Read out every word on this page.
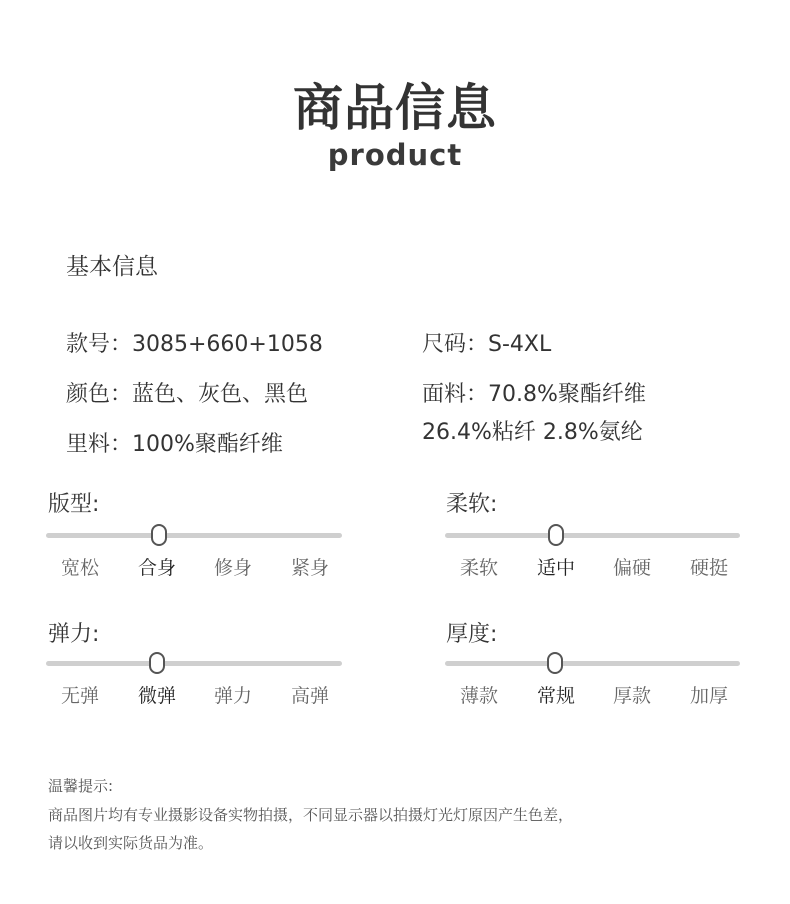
商品信息
product
基本信息
款号：3085+660+1058	尺码：S-4XL
颜色：蓝色、灰色、黑色	面料：70.8%聚酯纤维
26.4%粘纤 2.8%氨纶
里料：100%聚酯纤维
版型:
宽松	合身	修身	紧身
柔软:
柔软	适中	偏硬	硬挺
弹力:
无弹	微弹	弹力	高弹
厚度:
薄款	常规	厚款	加厚
温馨提示:
商品图片均有专业摄影设备实物拍摄，不同显示器以拍摄灯光灯原因产生色差，
请以收到实际货品为准。
